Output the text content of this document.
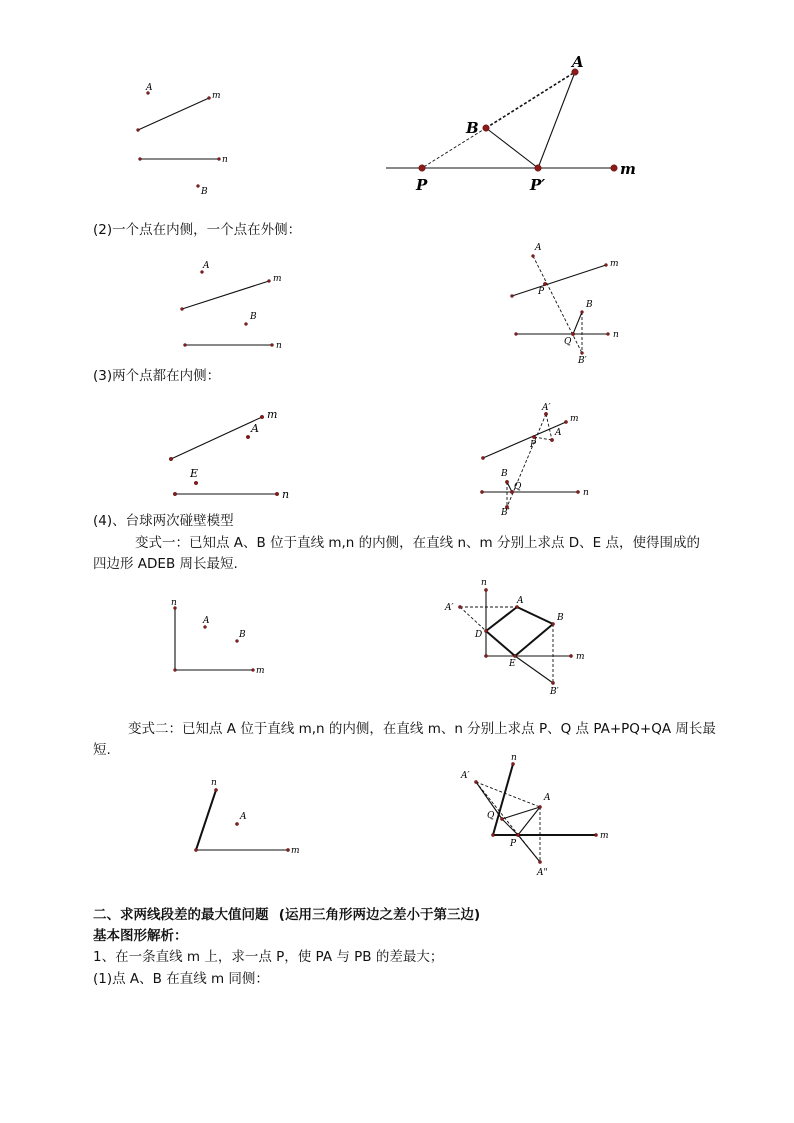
(2)一个点在内侧，一个点在外侧：
(3)两个点都在内侧：
(4)、台球两次碰壁模型
变式一：已知点 A、B 位于直线 m,n 的内侧，在直线 n、m 分别上求点 D、E 点，使得围成的
四边形 ADEB 周长最短.
变式二：已知点 A 位于直线 m,n 的内侧，在直线 m、n 分别上求点 P、Q 点 PA+PQ+QA 周长最
短.
二、求两线段差的最大值问题 (运用三角形两边之差小于第三边)
基本图形解析：
1、在一条直线 m 上，求一点 P，使 PA 与 PB 的差最大；
(1)点 A、B 在直线 m 同侧：
A
m
n
B
A
B
P	P′
m
A
m
B
n
A
m
P
B
Q
n
B′
m
A
E
n
A′
m
A
P
B
Q
n
B′
n
A
B
m
n
A′
A
B
D
E
m
B′
n
A
m
n
A′
A
Q
P
m
A"
